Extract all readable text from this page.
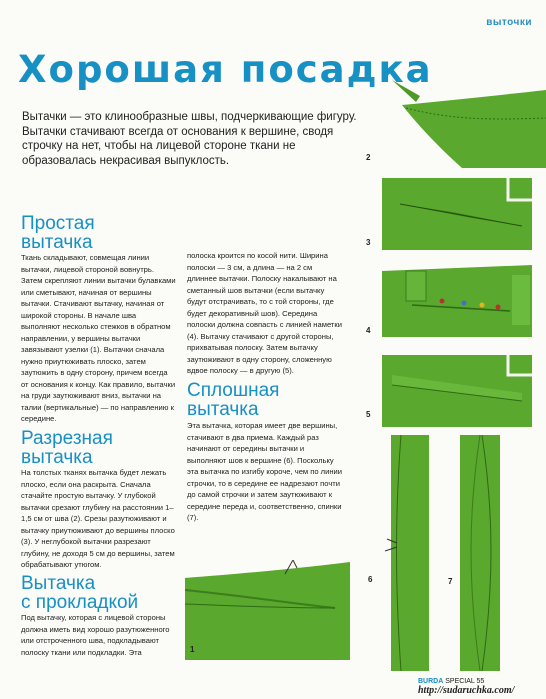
выточки
Хорошая посадка
Вытачки — это клинообразные швы, подчеркивающие фигуру. Вытачки стачивают всегда от основания к вершине, сводя строчку на нет, чтобы на лицевой стороне ткани не образовалась некрасивая выпуклость.
Простая
вытачка
Ткань складывают, совмещая линии вытачки, лицевой стороной вовнутрь. Затем скрепляют линии вытачки булавками или сметывают, начиная от вершины вытачки. Стачивают вытачку, начиная от широкой стороны. В начале шва выполняют несколько стежков в обратном направлении, у вершины вытачки завязывают узелки (1). Вытачки сначала нужно приутюживать плоско, затем заутюжить в одну сторону, причем всегда от основания к концу. Как правило, вытачки на груди заутюживают вниз, вытачки на талии (вертикальные) — по направлению к середине.
Разрезная
вытачка
На толстых тканях вытачка будет лежать плоско, если она раскрыта. Сначала стачайте простую вытачку. У глубокой вытачки срезают глубину на расстоянии 1–1,5 см от шва (2). Срезы разутюживают и вытачку приутюживают до вершины плоско (3). У неглубокой вытачки разрезают глубину, не доходя 5 см до вершины, затем обрабатывают утюгом.
Вытачка
с прокладкой
Под вытачку, которая с лицевой стороны должна иметь вид хорошо разутюженного или отстроченного шва, подкладывают полоску ткани или подкладки. Эта
полоска кроится по косой нити. Ширина полоски — 3 см, а длина — на 2 см длиннее вытачки. Полоску накалывают на сметанный шов вытачки (если вытачку будут отстрачивать, то с той стороны, где будет декоративный шов). Середина полоски должна совпасть с линией наметки (4). Вытачку стачивают с другой стороны, прихватывая полоску. Затем вытачку заутюживают в одну сторону, сложенную вдвое полоску — в другую (5).
Сплошная
вытачка
Эта вытачка, которая имеет две вершины, стачивают в два приема. Каждый раз начинают от середины вытачки и выполняют шов к вершине (6). Поскольку эта вытачка по изгибу короче, чем по линии строчки, то в середине ее надрезают почти до самой строчки и затем заутюживают к середине переда и, соответственно, спинки (7).
1
2
3
4
5
6	7
BURDA SPECIAL 55
http://sudaruchka.com/
